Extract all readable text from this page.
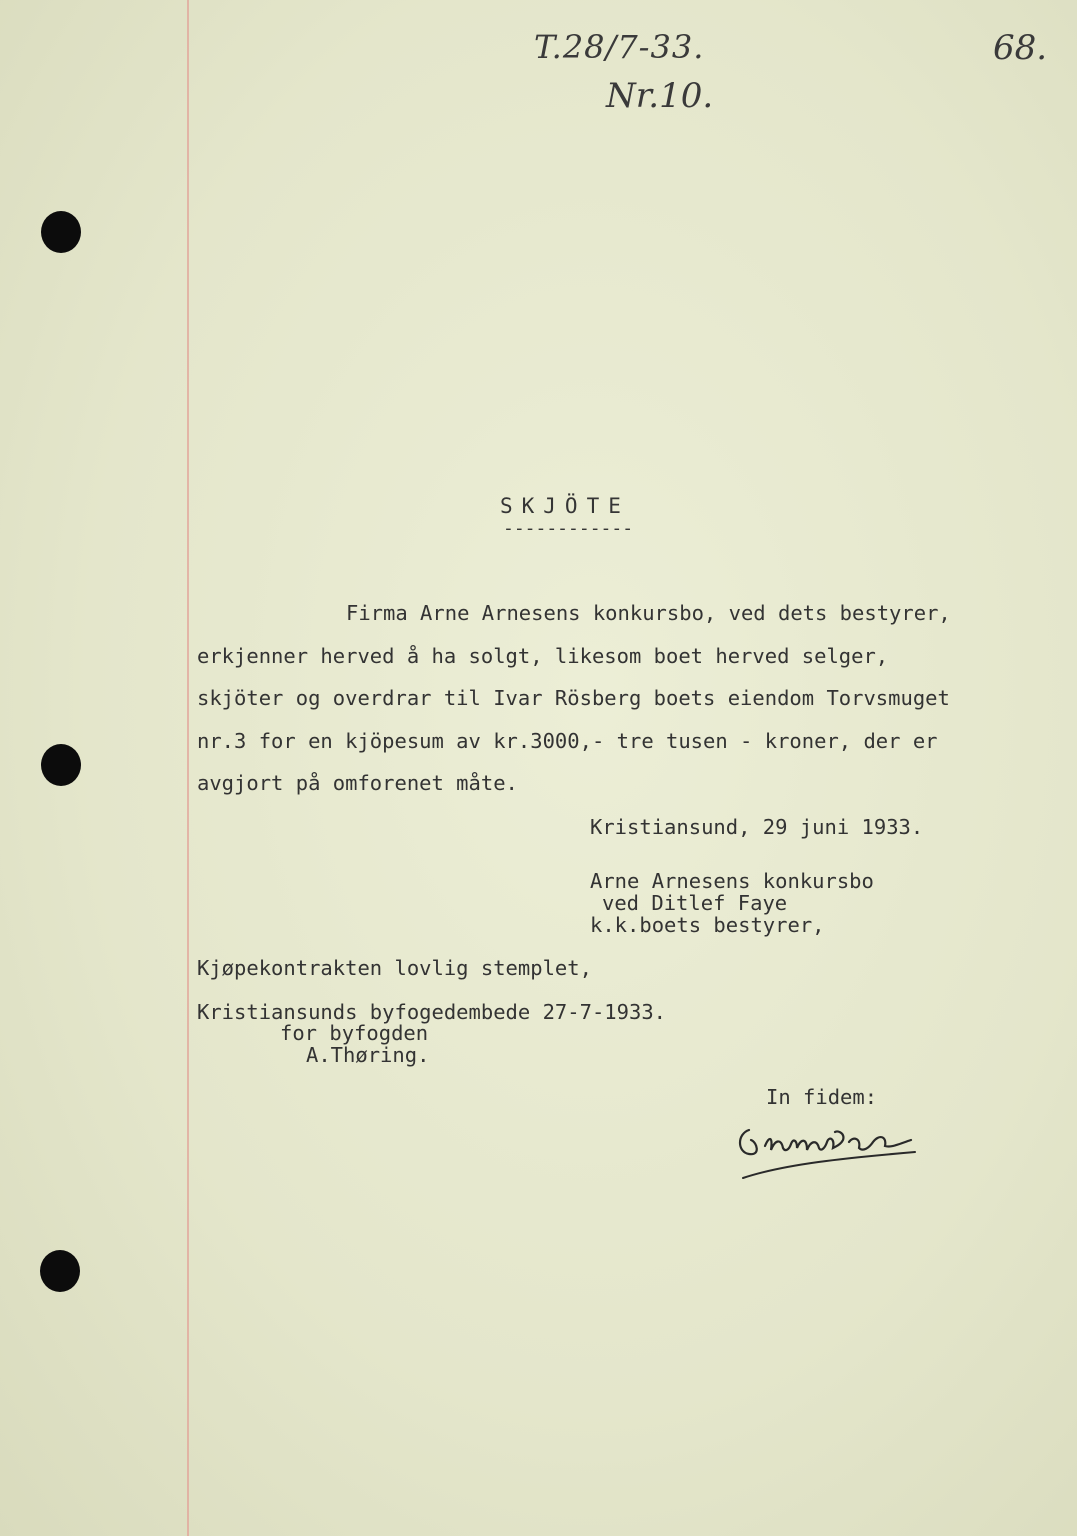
T.28/7-33.
Nr.10.
68.
SKJÖTE
------------
Firma Arne Arnesens konkursbo, ved dets bestyrer,
erkjenner herved å ha solgt, likesom boet herved selger,
skjöter og overdrar til Ivar Rösberg boets eiendom Torvsmuget
nr.3 for en kjöpesum av kr.3000,- tre tusen - kroner, der er
avgjort på omforenet måte.
Kristiansund, 29 juni 1933.
Arne Arnesens konkursbo
ved Ditlef Faye
k.k.boets bestyrer,
Kjøpekontrakten lovlig stemplet,
Kristiansunds byfogedembede 27-7-1933.
for byfogden
A.Thøring.
In fidem:
